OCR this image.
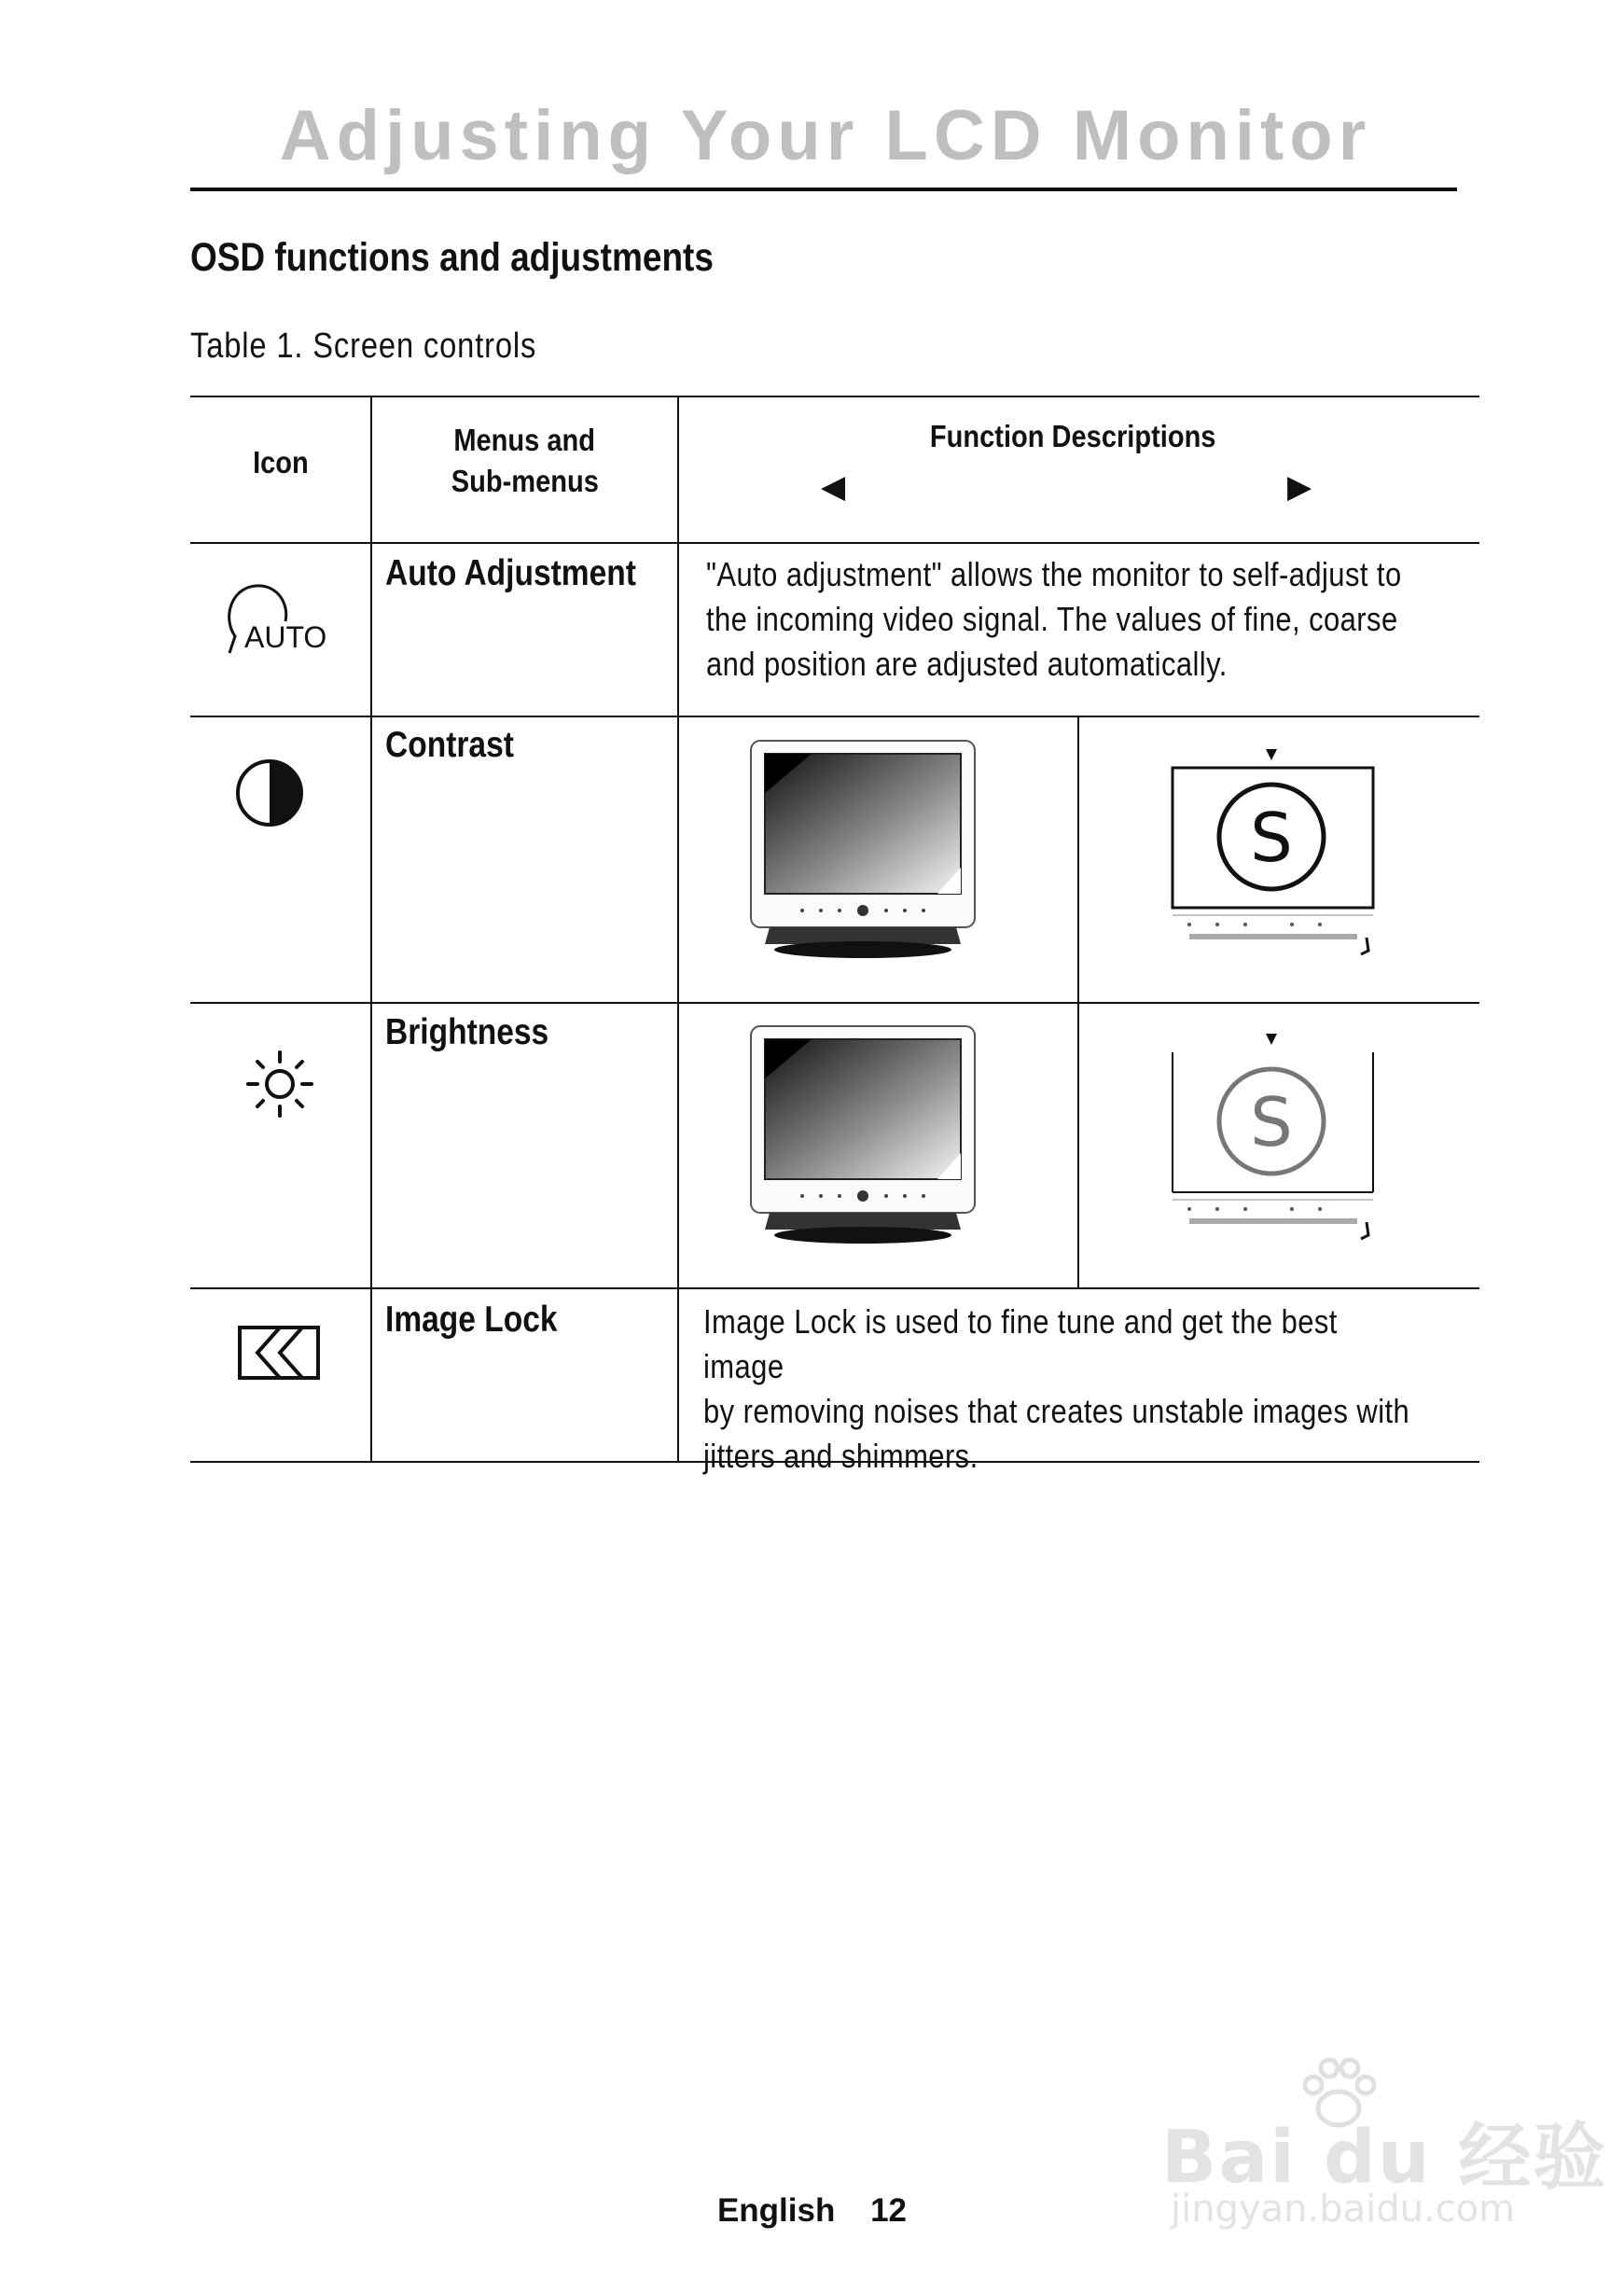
Adjusting Your LCD Monitor
OSD functions and adjustments

Table 1. Screen controls

Icon
Menus and
Sub-menus
Function Descriptions
◀	▶
AUTO
Auto Adjustment "Auto adjustment" allows the monitor to self-adjust to
the incoming video signal. The values of fine, coarse
and position are adjusted automatically.
Contrast
S
Brightness
S
Image Lock	Image Lock is used to fine tune and get the best image
by removing noises that creates unstable images with
jitters and shimmers.
Bai du 经验
jingyan.baidu.com
English 12
